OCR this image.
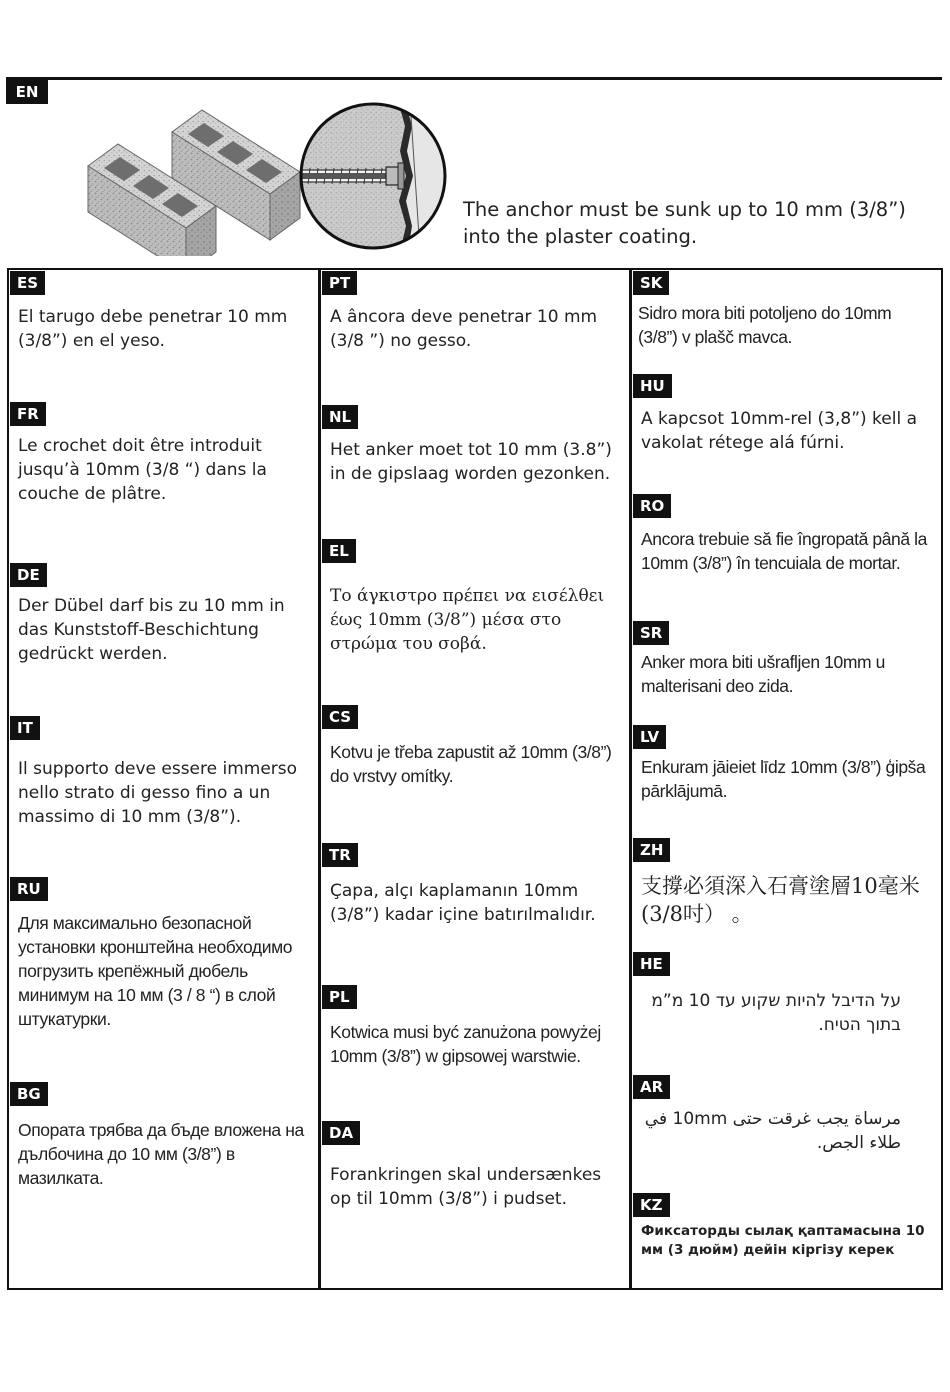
EN
The anchor must be sunk up to 10 mm (3/8”) into the plaster coating.
ES
El tarugo debe penetrar 10 mm (3/8”) en el yeso.
FR
Le crochet doit être introduit jusqu’à 10mm (3/8 “) dans la couche de plâtre.
DE
Der Dübel darf bis zu 10 mm in das Kunststoff-Beschichtung gedrückt werden.
IT
Il supporto deve essere immerso nello strato di gesso fino a un massimo di 10 mm (3/8”).
RU
Для максимально безопасной установки кронштейна необходимо погрузить крепёжный дюбель минимум на 10 мм (3 / 8 “) в слой штукатурки.
BG
Опората трябва да бъде вложена на дълбочина до 10 мм (3/8”) в мазилката.
PT
A âncora deve penetrar 10 mm (3/8 ”) no gesso.
NL
Het anker moet tot 10 mm (3.8”) in de gipslaag worden gezonken.
EL
Το άγκιστρο πρέπει να εισέλθει έως 10mm (3/8”) μέσα στο στρώμα του σοβά.
CS
Kotvu je třeba zapustit až 10mm (3/8”) do vrstvy omítky.
TR
Çapa, alçı kaplamanın 10mm (3/8”) kadar içine batırılmalıdır.
PL
Kotwica musi być zanużona powyżej 10mm (3/8”) w gipsowej warstwie.
DA
Forankringen skal undersænkes op til 10mm (3/8”) i pudset.
SK
Sidro mora biti potoljeno do 10mm (3/8”) v plašč mavca.
HU
A kapcsot 10mm-rel (3,8”) kell a vakolat rétege alá fúrni.
RO
Ancora trebuie să fie îngropată până la 10mm (3/8”) în tencuiala de mortar.
SR
Anker mora biti ušrafljen 10mm u malterisani deo zida.
LV
Enkuram jāieiet līdz 10mm (3/8”) ģipša pārklājumā.
ZH
支撐必須深入石膏塗層10毫米(3/8吋） 。
HE
על הדיבל להיות שקוע עד 10 מ”מ בתוך הטיח.
AR
مرساة يجب غرقت حتى 10mm في طلاء الجص.
KZ
Фиксаторды сылақ қаптамасына 10 мм (3 дюйм) дейін кіргізу керек
